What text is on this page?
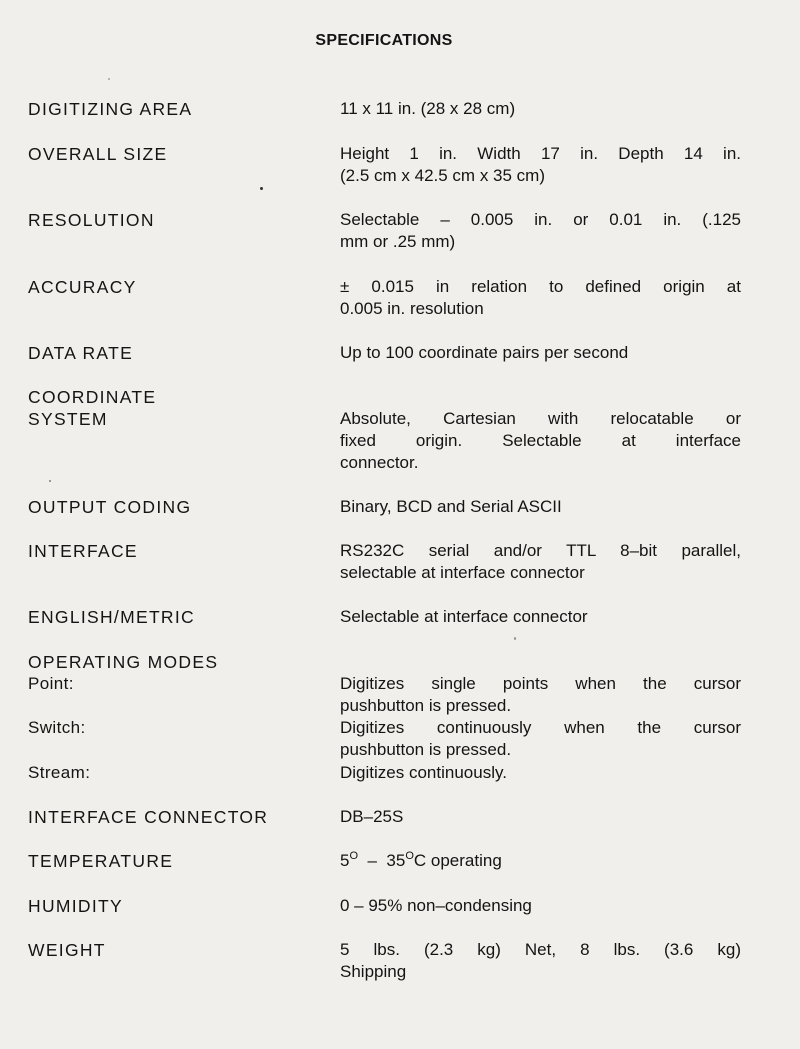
SPECIFICATIONS
DIGITIZING AREA	11 x 11 in. (28 x 28 cm)
OVERALL SIZE	Height 1 in. Width 17 in. Depth 14 in.
(2.5 cm x 42.5 cm x 35 cm)
RESOLUTION	Selectable – 0.005 in. or 0.01 in. (.125
mm or .25 mm)
ACCURACY	± 0.015 in relation to defined origin at
0.005 in. resolution
DATA RATE	Up to 100 coordinate pairs per second
COORDINATE
SYSTEM	Absolute, Cartesian with relocatable or
fixed origin. Selectable at interface
connector.
OUTPUT CODING	Binary, BCD and Serial ASCII
INTERFACE	RS232C serial and/or TTL 8–bit parallel,
selectable at interface connector
ENGLISH/METRIC	Selectable at interface connector
OPERATING MODES
Point:	Digitizes single points when the cursor
pushbutton is pressed.
Switch:	Digitizes continuously when the cursor
pushbutton is pressed.
Stream:	Digitizes continuously.
INTERFACE CONNECTOR	DB–25S
TEMPERATURE	$5^O - 35^OC$ operating
HUMIDITY	0 – 95% non–condensing
WEIGHT	5 lbs. (2.3 kg) Net, 8 lbs. (3.6 kg)
Shipping
